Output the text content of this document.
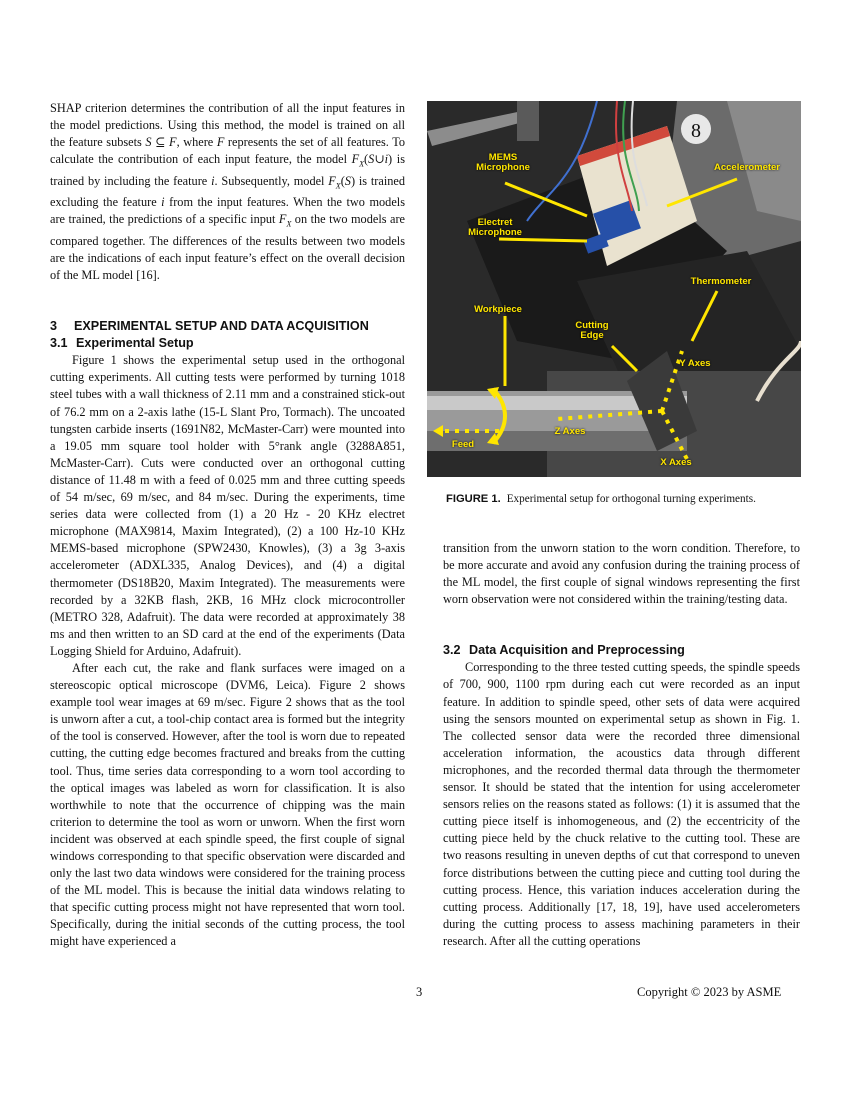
SHAP criterion determines the contribution of all the input features in the model predictions. Using this method, the model is trained on all the feature subsets S ⊆ F, where F represents the set of all features. To calculate the contribution of each input feature, the model $F_X(S\cup i)$ is trained by including the feature i. Subsequently, model $F_X(S)$ is trained excluding the feature i from the input features. When the two models are trained, the predictions of a specific input $F_X$ on the two models are compared together. The differences of the results between two models are the indications of each input feature’s effect on the overall decision of the ML model [16].

3 EXPERIMENTAL SETUP AND DATA ACQUISITION
3.1 Experimental Setup

Figure 1 shows the experimental setup used in the orthogonal cutting experiments. All cutting tests were performed by turning 1018 steel tubes with a wall thickness of 2.11 mm and a constrained stick-out of 76.2 mm on a 2-axis lathe (15-L Slant Pro, Tormach). The uncoated tungsten carbide inserts (1691N82, McMaster-Carr) were mounted into a 19.05 mm square tool holder with 5°rank angle (3288A851, McMaster-Carr). Cuts were conducted over an orthogonal cutting distance of 11.48 m with a feed of 0.025 mm and three cutting speeds of 54 m/sec, 69 m/sec, and 84 m/sec. During the experiments, time series data were collected from (1) a 20 Hz - 20 KHz electret microphone (MAX9814, Maxim Integrated), (2) a 100 Hz-10 KHz MEMS-based microphone (SPW2430, Knowles), (3) a 3g 3-axis accelerometer (ADXL335, Analog Devices), and (4) a digital thermometer (DS18B20, Maxim Integrated). The measurements were recorded by a 32KB flash, 2KB, 16 MHz clock microcontroller (METRO 328, Adafruit). The data were recorded at approximately 38 ms and then written to an SD card at the end of the experiments (Data Logging Shield for Arduino, Adafruit).

After each cut, the rake and flank surfaces were imaged on a stereoscopic optical microscope (DVM6, Leica). Figure 2 shows example tool wear images at 69 m/sec. Figure 2 shows that as the tool is unworn after a cut, a tool-chip contact area is formed but the integrity of the tool is conserved. However, after the tool is worn due to repeated cutting, the cutting edge becomes fractured and breaks from the cutting tool. Thus, time series data corresponding to a worn tool according to the optical images was labeled as worn for classification. It is also worthwhile to note that the occurrence of chipping was the main criterion to determine the tool as worn or unworn. When the first worn incident was observed at each spindle speed, the first couple of signal windows corresponding to that specific observation were discarded and only the last two data windows were considered for the training process of the ML model. This is because the initial data windows relating to that specific cutting process might not have represented that worn tool. Specifically, during the initial seconds of the cutting process, the tool might have experienced a

8
MEMS Microphone	Accelerometer
Electret Microphone
Thermometer
Workpiece
Cutting Edge
Y Axes
Z Axes
X Axes
Feed
FIGURE 1. Experimental setup for orthogonal turning experiments.

transition from the unworn station to the worn condition. Therefore, to be more accurate and avoid any confusion during the training process of the ML model, the first couple of signal windows representing the first worn observation were not considered within the training/testing data.

3.2 Data Acquisition and Preprocessing

Corresponding to the three tested cutting speeds, the spindle speeds of 700, 900, 1100 rpm during each cut were recorded as an input feature. In addition to spindle speed, other sets of data were acquired using the sensors mounted on experimental setup as shown in Fig. 1. The collected sensor data were the recorded three dimensional acceleration information, the acoustics data through different microphones, and the recorded thermal data through the thermometer sensor. It should be stated that the intention for using accelerometer sensors relies on the reasons stated as follows: (1) it is assumed that the cutting piece itself is inhomogeneous, and (2) the eccentricity of the cutting piece held by the chuck relative to the cutting tool. These are two reasons resulting in uneven depths of cut that correspond to uneven force distributions between the cutting piece and cutting tool during the cutting process. Hence, this variation induces acceleration during the cutting process. Additionally [17, 18, 19], have used accelerometers during the cutting process to assess machining parameters in their research. After all the cutting operations

3	Copyright © 2023 by ASME
